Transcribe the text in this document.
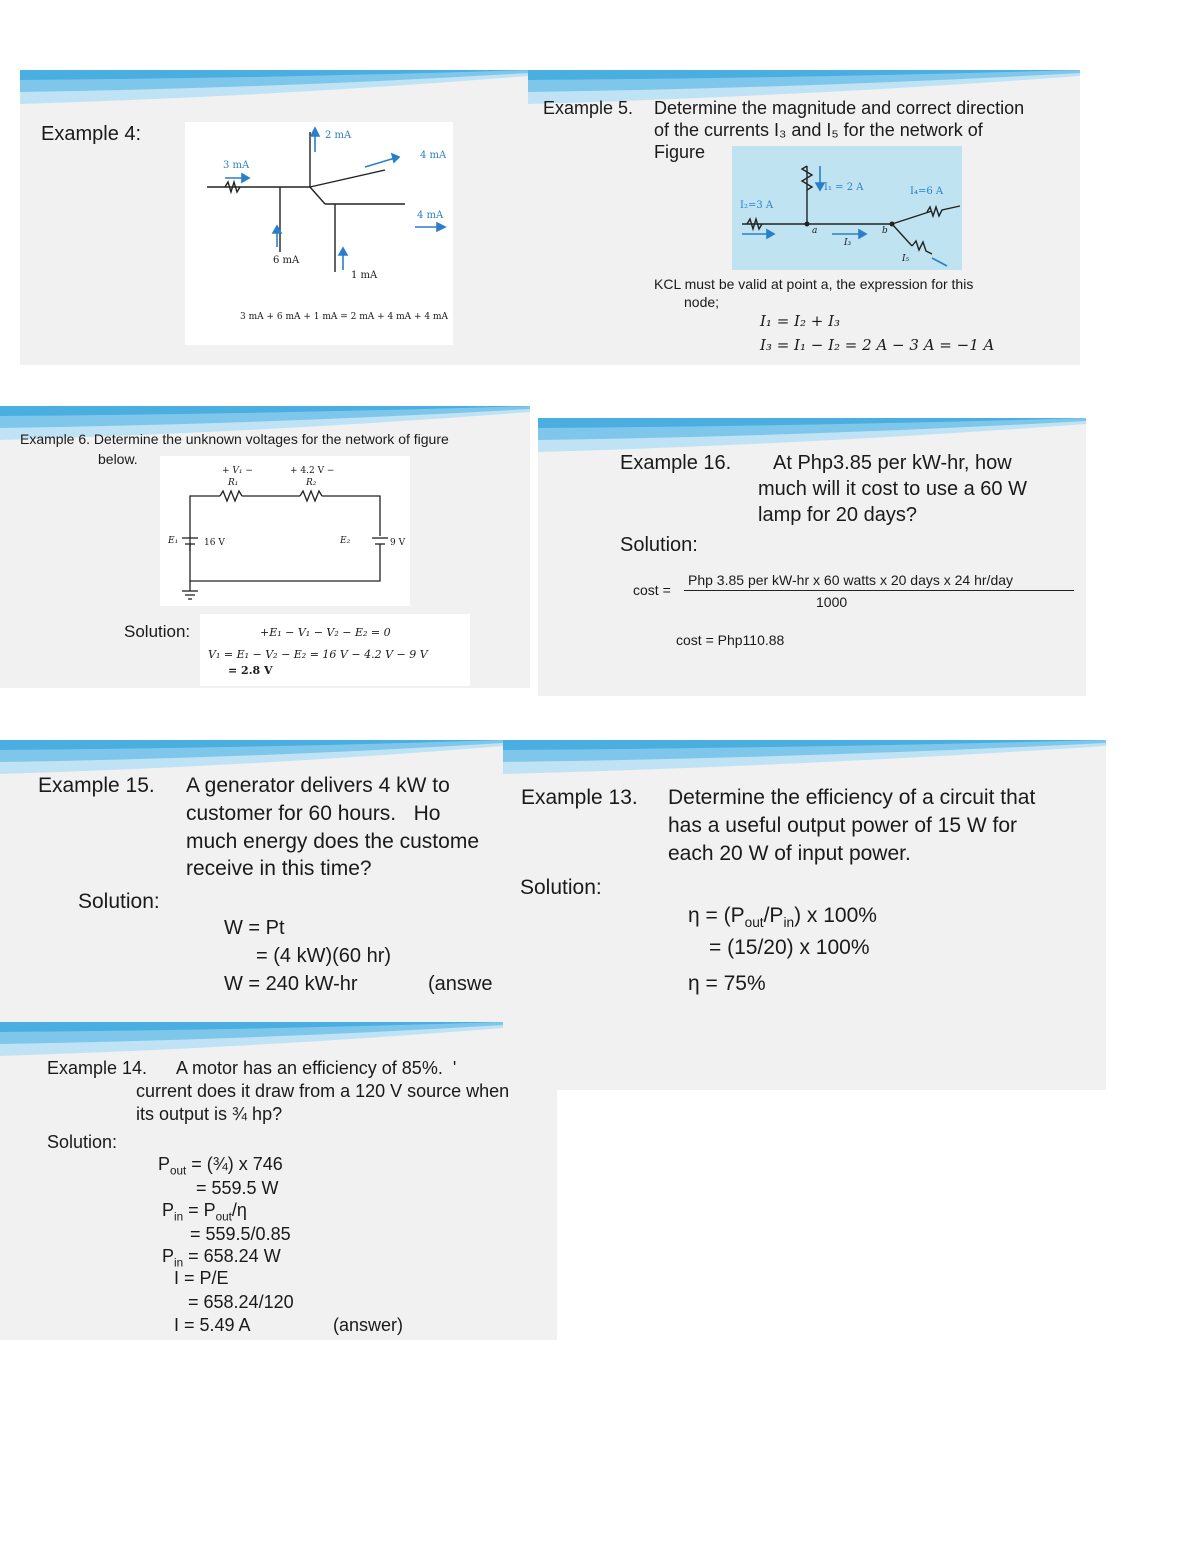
Example 4:
3 mA
2 mA
4 mA
4 mA
6 mA
1 mA
3 mA + 6 mA + 1 mA = 2 mA + 4 mA + 4 mA
Example 5. Determine the magnitude and correct direction
of the currents I₃ and I₅ for the network of
Figure
I₁ = 2 A
I₂=3 A
I₄=6 A
a	b
I₃
I₅
KCL must be valid at point a, the expression for this
node;
I₁ = I₂ + I₃
I₃ = I₁ − I₂ = 2 A − 3 A = −1 A
Example 6. Determine the unknown voltages for the network of figure
below.
+ V₁ −
R₁
+ 4.2 V −
R₂
E₁	16 V	E₂	9 V
Solution:	+E₁ − V₁ − V₂ − E₂ = 0
V₁ = E₁ − V₂ − E₂ = 16 V − 4.2 V − 9 V
= 2.8 V
Example 16. At Php3.85 per kW-hr, how
much will it cost to use a 60 W
lamp for 20 days?
Solution:
cost =
Php 3.85 per kW-hr x 60 watts x 20 days x 24 hr/day
1000
cost = Php110.88
Example 15. A generator delivers 4 kW to
customer for 60 hours.   Ho
much energy does the custome
receive in this time?
Solution:
W = Pt
= (4 kW)(60 hr)
W = 240 kW-hr	(answe
Example 13. Determine the efficiency of a circuit that
has a useful output power of 15 W for
each 20 W of input power.
Solution:
$\eta = (P_{out}/P_{in})$ x 100%
= (15/20) x 100%
η = 75%
Example 14. A motor has an efficiency of 85%.  '
current does it draw from a 120 V source when
its output is ¾ hp?
Solution:
$P_{out}$ = (¾) x 746
= 559.5 W
$P_{in} = P_{out}/\eta$
= 559.5/0.85
$P_{in} = 658.24$ W
I = P/E
= 658.24/120
I = 5.49 A	(answer)
